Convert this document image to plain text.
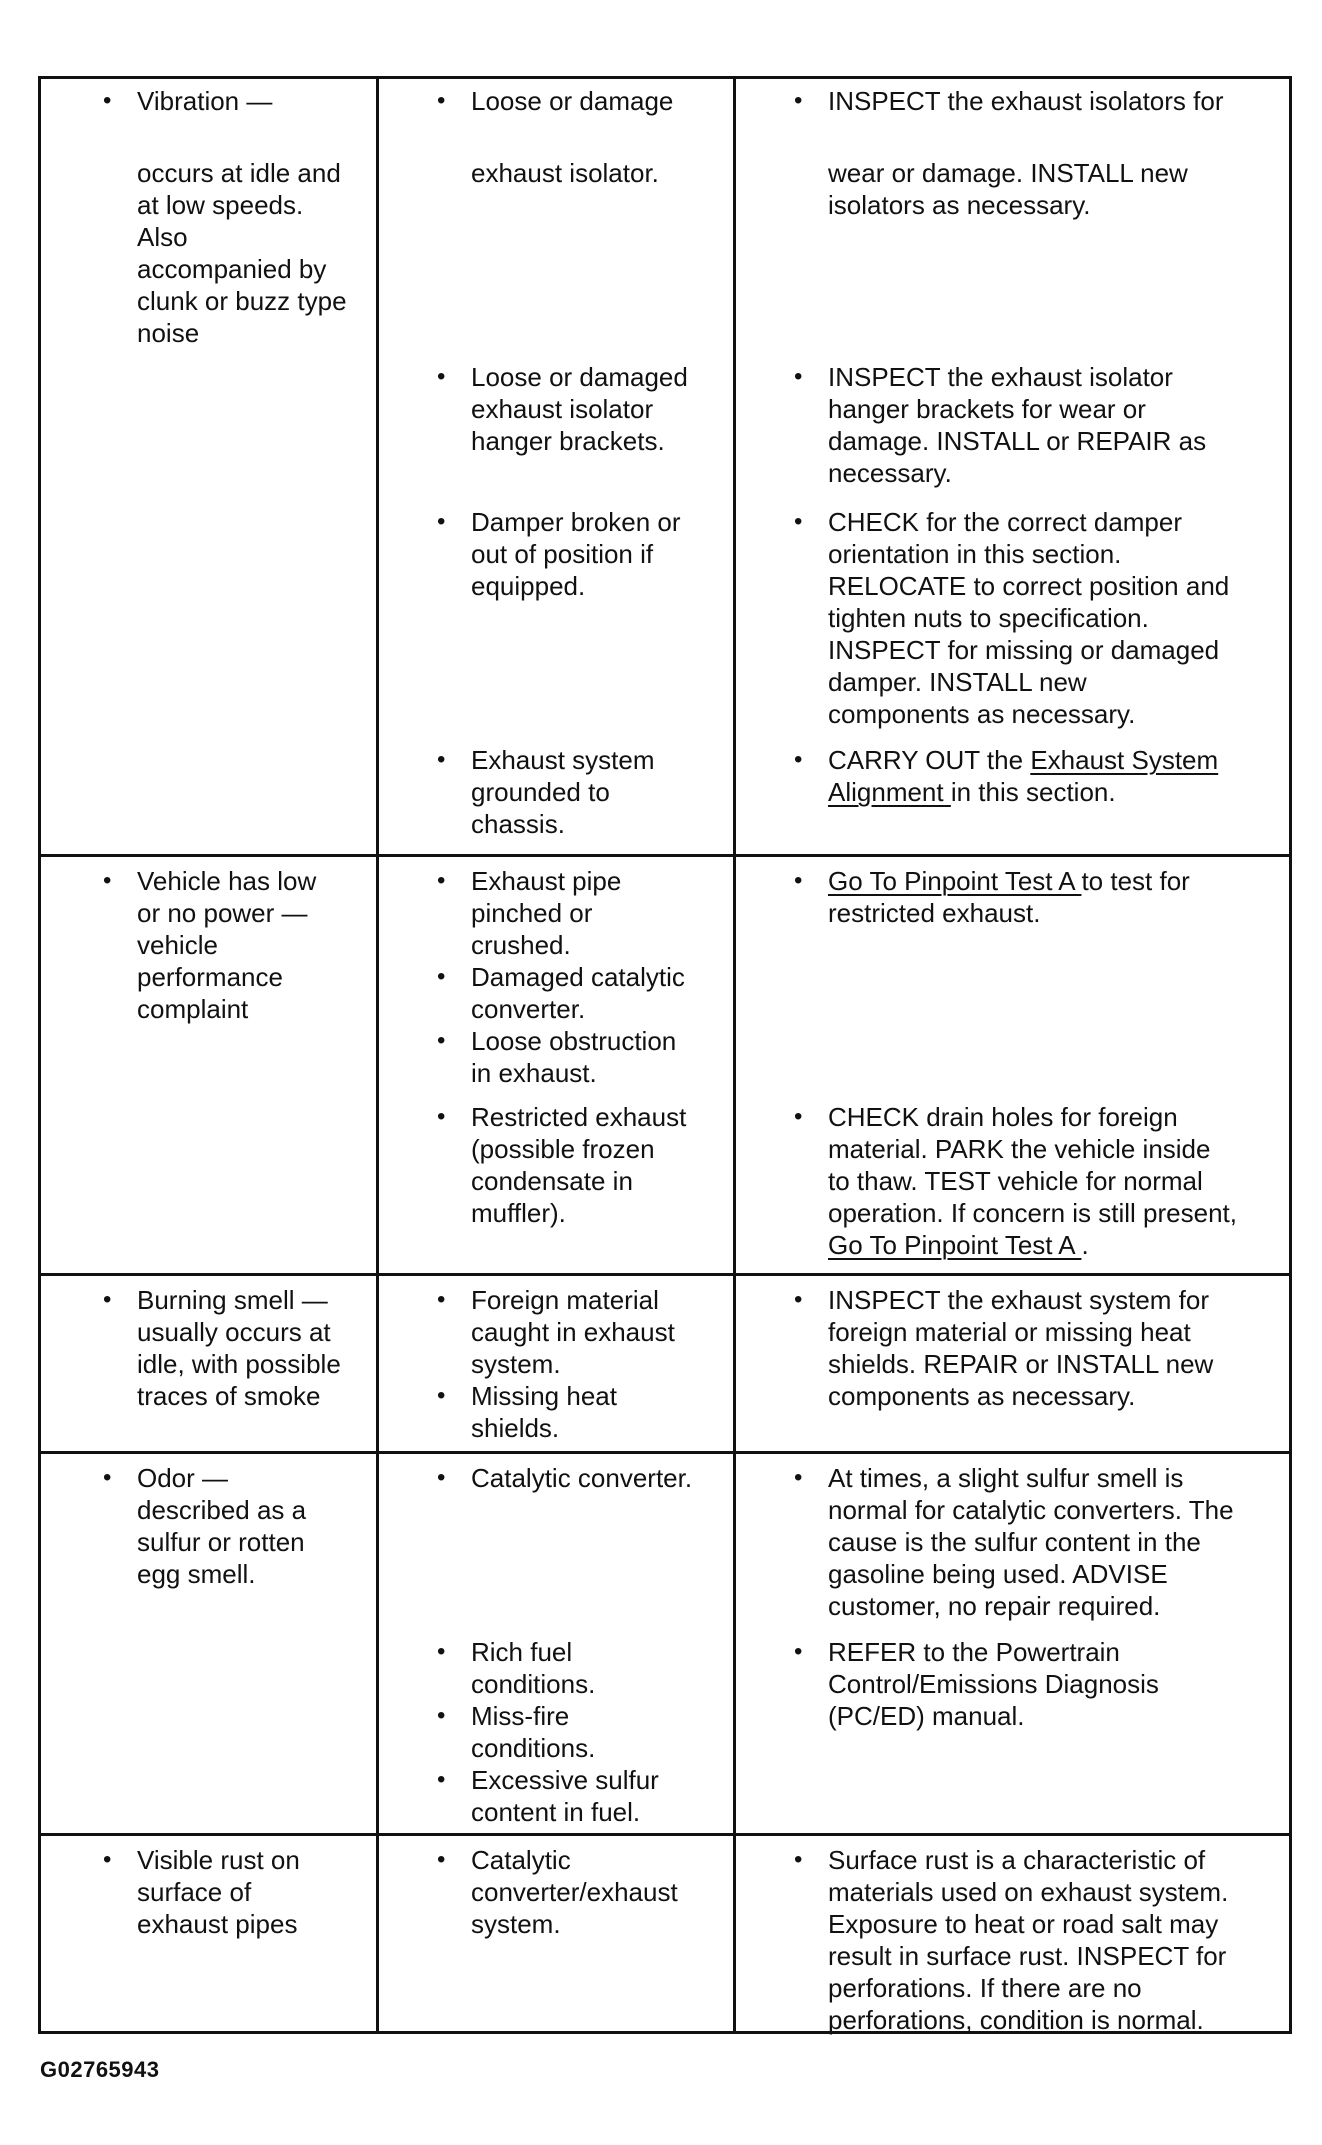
• Vibration —
occurs at idle and
at low speeds.
Also
accompanied by
clunk or buzz type
noise
• Loose or damage
exhaust isolator.
• Loose or damaged
exhaust isolator
hanger brackets.
• Damper broken or
out of position if
equipped.
• Exhaust system
grounded to
chassis.
• INSPECT the exhaust isolators for
wear or damage. INSTALL new
isolators as necessary.
• INSPECT the exhaust isolator
hanger brackets for wear or
damage. INSTALL or REPAIR as
necessary.
• CHECK for the correct damper
orientation in this section.
RELOCATE to correct position and
tighten nuts to specification.
INSPECT for missing or damaged
damper. INSTALL new
components as necessary.
• CARRY OUT the Exhaust System
Alignment in this section.
• Vehicle has low
or no power —
vehicle
performance
complaint
• Exhaust pipe
pinched or
crushed.
• Damaged catalytic
converter.
• Loose obstruction
in exhaust.
• Restricted exhaust
(possible frozen
condensate in
muffler).
• Go To Pinpoint Test A to test for
restricted exhaust.
• CHECK drain holes for foreign
material. PARK the vehicle inside
to thaw. TEST vehicle for normal
operation. If concern is still present,
Go To Pinpoint Test A .
• Burning smell —
usually occurs at
idle, with possible
traces of smoke
• Foreign material
caught in exhaust
system.
• Missing heat
shields.
• INSPECT the exhaust system for
foreign material or missing heat
shields. REPAIR or INSTALL new
components as necessary.
• Odor —
described as a
sulfur or rotten
egg smell.
• Catalytic converter.
• Rich fuel
conditions.
• Miss-fire
conditions.
• Excessive sulfur
content in fuel.
• At times, a slight sulfur smell is
normal for catalytic converters. The
cause is the sulfur content in the
gasoline being used. ADVISE
customer, no repair required.
• REFER to the Powertrain
Control/Emissions Diagnosis
(PC/ED) manual.
• Visible rust on
surface of
exhaust pipes
• Catalytic
converter/exhaust
system.
• Surface rust is a characteristic of
materials used on exhaust system.
Exposure to heat or road salt may
result in surface rust. INSPECT for
perforations. If there are no
perforations, condition is normal.
G02765943
